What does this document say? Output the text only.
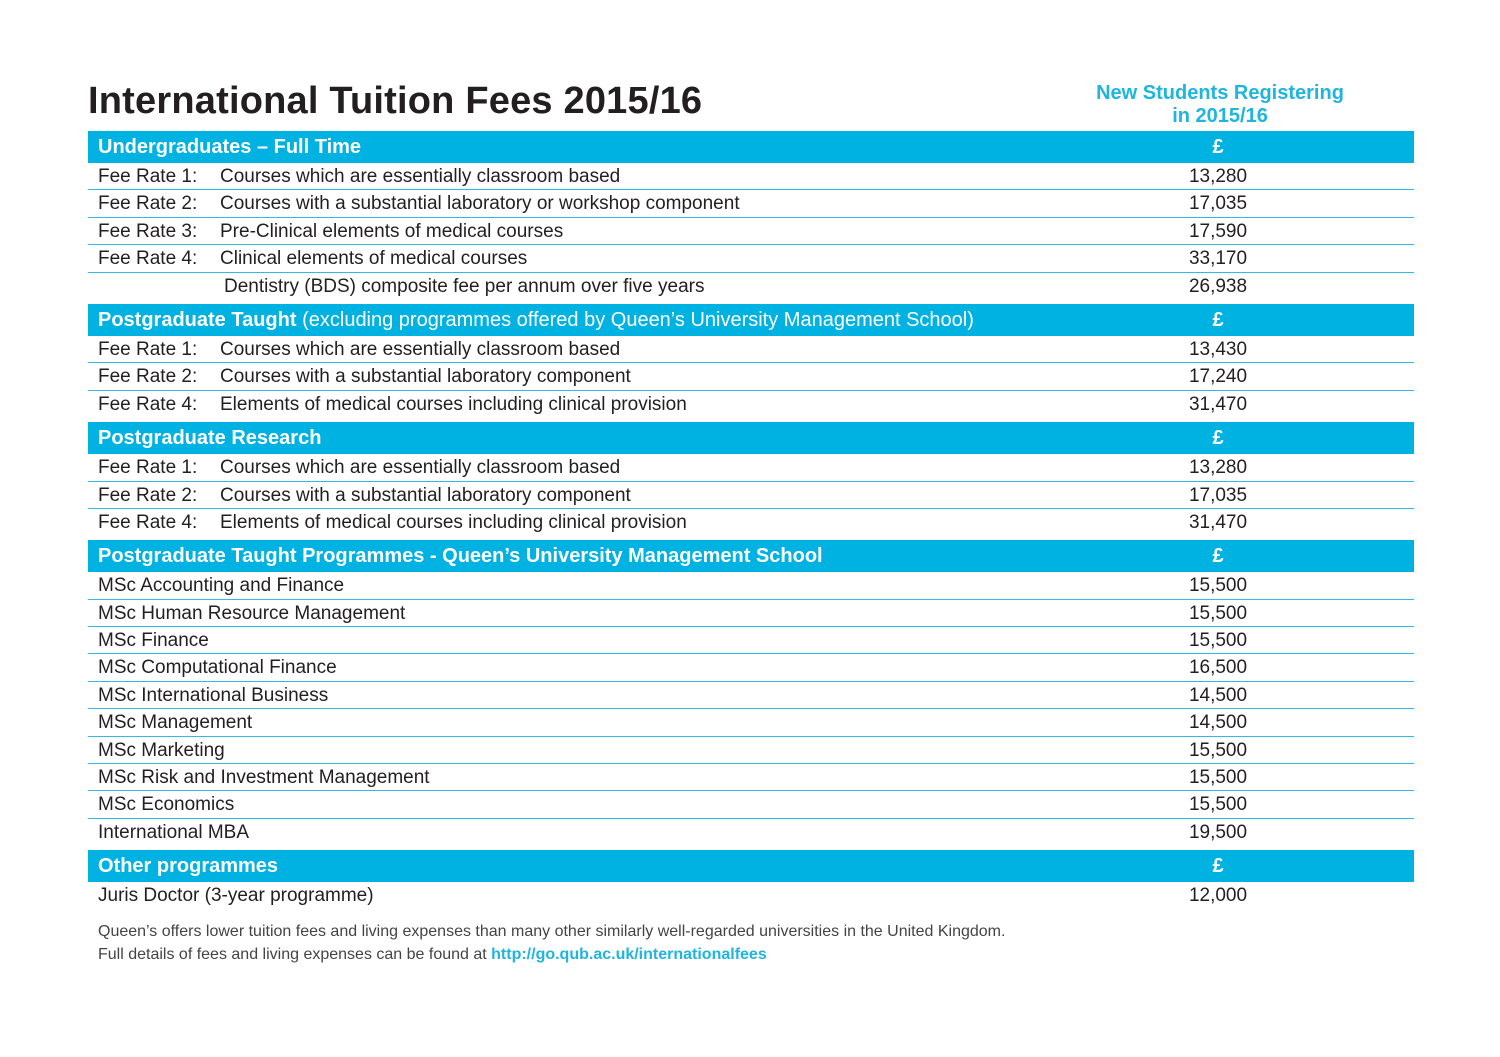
International Tuition Fees 2015/16	New Students Registering
in 2015/16
Undergraduates – Full Time	£
Fee Rate 1: Courses which are essentially classroom based	13,280
Fee Rate 2: Courses with a substantial laboratory or workshop component	17,035
Fee Rate 3: Pre-Clinical elements of medical courses	17,590
Fee Rate 4: Clinical elements of medical courses	33,170
Dentistry (BDS) composite fee per annum over five years	26,938
Postgraduate Taught (excluding programmes offered by Queen’s University Management School)	£
Fee Rate 1: Courses which are essentially classroom based	13,430
Fee Rate 2: Courses with a substantial laboratory component	17,240
Fee Rate 4: Elements of medical courses including clinical provision	31,470
Postgraduate Research	£
Fee Rate 1: Courses which are essentially classroom based	13,280
Fee Rate 2: Courses with a substantial laboratory component	17,035
Fee Rate 4: Elements of medical courses including clinical provision	31,470
Postgraduate Taught Programmes - Queen’s University Management School	£
MSc Accounting and Finance	15,500
MSc Human Resource Management	15,500
MSc Finance	15,500
MSc Computational Finance	16,500
MSc International Business	14,500
MSc Management	14,500
MSc Marketing	15,500
MSc Risk and Investment Management	15,500
MSc Economics	15,500
International MBA	19,500
Other programmes	£
Juris Doctor (3-year programme)	12,000
Queen’s offers lower tuition fees and living expenses than many other similarly well-regarded universities in the United Kingdom.
Full details of fees and living expenses can be found at http://go.qub.ac.uk/internationalfees
